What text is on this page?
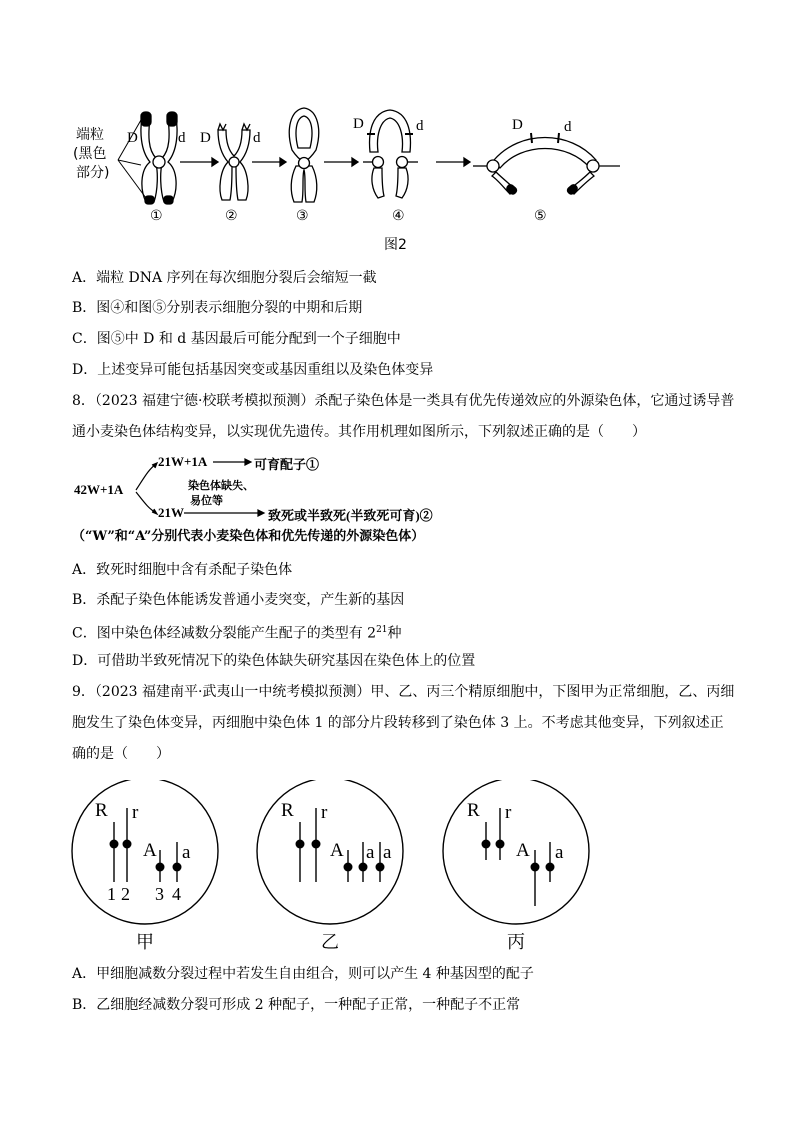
端粒
(黑色
部分)
D	d D	d
D	d	D	d
①	②	③	④	⑤
图2
A．端粒 DNA 序列在每次细胞分裂后会缩短一截
B．图④和图⑤分别表示细胞分裂的中期和后期
C．图⑤中 D 和 d 基因最后可能分配到一个子细胞中
D．上述变异可能包括基因突变或基因重组以及染色体变异
8．（2023 福建宁德·校联考模拟预测）杀配子染色体是一类具有优先传递效应的外源染色体，它通过诱导普
通小麦染色体结构变异，以实现优先遗传。其作用机理如图所示，下列叙述正确的是（　　）
42W+1A
21W+1A	可育配子①
染色体缺失、
易位等
21W	致死或半致死(半致死可育)②
（“W”和“A”分别代表小麦染色体和优先传递的外源染色体）
A．致死时细胞中含有杀配子染色体
B．杀配子染色体能诱发普通小麦突变，产生新的基因
C．图中染色体经减数分裂能产生配子的类型有 $2^{21}$种
D．可借助半致死情况下的染色体缺失研究基因在染色体上的位置
9．（2023 福建南平·武夷山一中统考模拟预测）甲、乙、丙三个精原细胞中，下图甲为正常细胞，乙、丙细
胞发生了染色体变异，丙细胞中染色体 1 的部分片段转移到了染色体 3 上。不考虑其他变异，下列叙述正
确的是（　　）
R r
A a
1 2 3 4
甲
R r
A a a
乙
R r
A a
丙
A．甲细胞减数分裂过程中若发生自由组合，则可以产生 4 种基因型的配子
B．乙细胞经减数分裂可形成 2 种配子，一种配子正常，一种配子不正常
